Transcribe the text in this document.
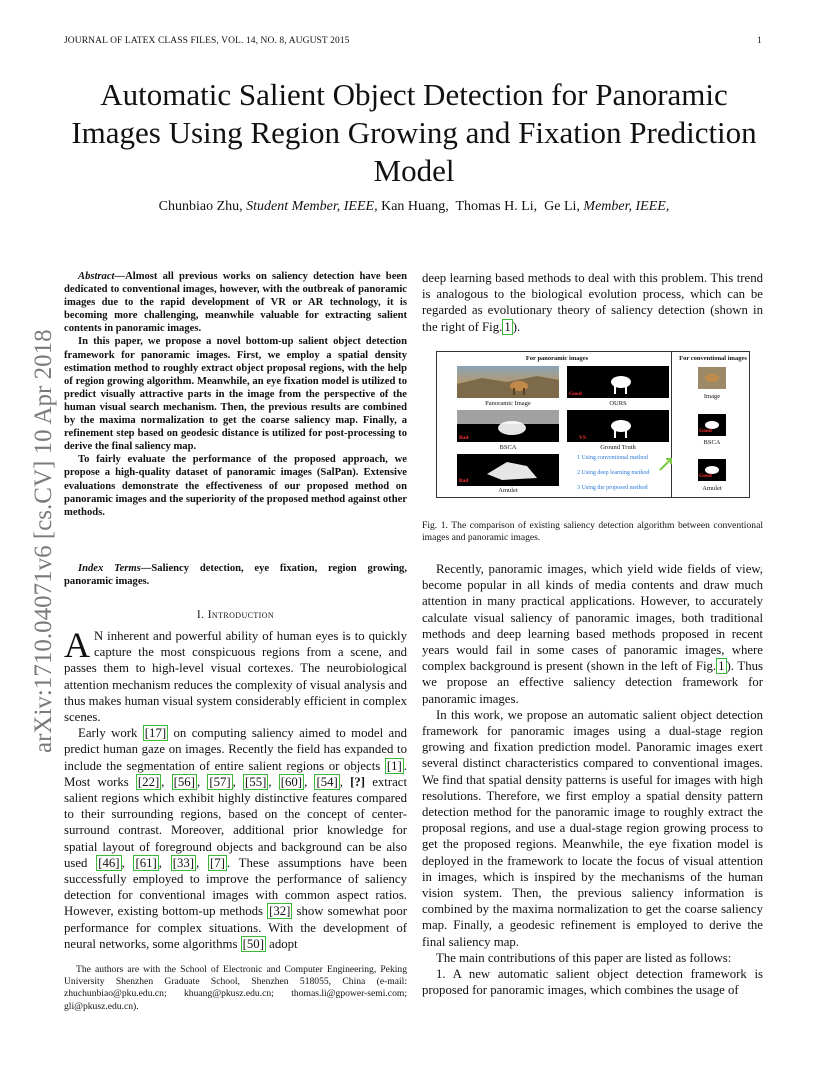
JOURNAL OF LATEX CLASS FILES, VOL. 14, NO. 8, AUGUST 2015	1
Automatic Salient Object Detection for Panoramic Images Using Region Growing and Fixation Prediction Model
Chunbiao Zhu, Student Member, IEEE, Kan Huang, Thomas H. Li, Ge Li, Member, IEEE,
arXiv:1710.04071v6 [cs.CV] 10 Apr 2018

Abstract—Almost all previous works on saliency detection have been dedicated to conventional images, however, with the outbreak of panoramic images due to the rapid development of VR or AR technology, it is becoming more challenging, meanwhile valuable for extracting salient contents in panoramic images.

In this paper, we propose a novel bottom-up salient object detection framework for panoramic images. First, we employ a spatial density estimation method to roughly extract object proposal regions, with the help of region growing algorithm. Meanwhile, an eye fixation model is utilized to predict visually attractive parts in the image from the perspective of the human visual search mechanism. Then, the previous results are combined by the maxima normalization to get the coarse saliency map. Finally, a refinement step based on geodesic distance is utilized for post-processing to derive the final saliency map.

To fairly evaluate the performance of the proposed approach, we propose a high-quality dataset of panoramic images (SalPan). Extensive evaluations demonstrate the effectiveness of our proposed method on panoramic images and the superiority of the proposed method against other methods.

Index Terms—Saliency detection, eye fixation, region growing, panoramic images.

I. Introduction

A N inherent and powerful ability of human eyes is to quickly capture the most conspicuous regions from a scene, and passes them to high-level visual cortexes. The neurobiological attention mechanism reduces the complexity of visual analysis and thus makes human visual system considerably efficient in complex scenes.

Early work [17] on computing saliency aimed to model and predict human gaze on images. Recently the field has expanded to include the segmentation of entire salient regions or objects [1] . Most works [22] , [56] , [57] , [55] , [60] , [54] , [?] extract salient regions which exhibit highly distinctive features compared to their surrounding regions, based on the concept of center-surround contrast. Moreover, additional prior knowledge for spatial layout of foreground objects and background can be also used [46] , [61] , [33] , [7] . These assumptions have been successfully employed to improve the performance of saliency detection for conventional images with common aspect ratios. However, existing bottom-up methods [32] show somewhat poor performance for complex situations. With the development of neural networks, some algorithms [50] adopt

The authors are with the School of Electronic and Computer Engineering, Peking University Shenzhen Graduate School, Shenzhen 518055, China (e-mail: zhuchunbiao@pku.edu.cn; khuang@pkusz.edu.cn; thomas.li@gpower-semi.com; gli@pkusz.edu.cn).

deep learning based methods to deal with this problem. This trend is analogous to the biological evolution process, which can be regarded as evolutionary theory of saliency detection (shown in the right of Fig. 1 ).

For panoramic images	For conventional images
Panoramic Image
Good
OURS
Bad
BSCA
VS
Ground Truth
Bad
Amulet
1 Using conventional method
2 Using deep learning method
3 Using the proposed method
Image
Good
BSCA
Good
Amulet
Fig. 1. The comparison of existing saliency detection algorithm between conventional images and panoramic images.

Recently, panoramic images, which yield wide fields of view, become popular in all kinds of media contents and draw much attention in many practical applications. However, to accurately calculate visual saliency of panoramic images, both traditional methods and deep learning based methods proposed in recent years would fail in some cases of panoramic images, where complex background is present (shown in the left of Fig. 1 ). Thus we propose an effective saliency detection framework for panoramic images.

In this work, we propose an automatic salient object detection framework for panoramic images using a dual-stage region growing and fixation prediction model. Panoramic images exert several distinct characteristics compared to conventional images. We find that spatial density patterns is useful for images with high resolutions. Therefore, we first employ a spatial density pattern detection method for the panoramic image to roughly extract the proposal regions, and use a dual-stage region growing process to get the proposed regions. Meanwhile, the eye fixation model is deployed in the framework to locate the focus of visual attention in images, which is inspired by the mechanisms of the human vision system. Then, the previous saliency information is combined by the maxima normalization to get the coarse saliency map. Finally, a geodesic refinement is employed to derive the final saliency map.

The main contributions of this paper are listed as follows:

1. A new automatic salient object detection framework is proposed for panoramic images, which combines the usage of
